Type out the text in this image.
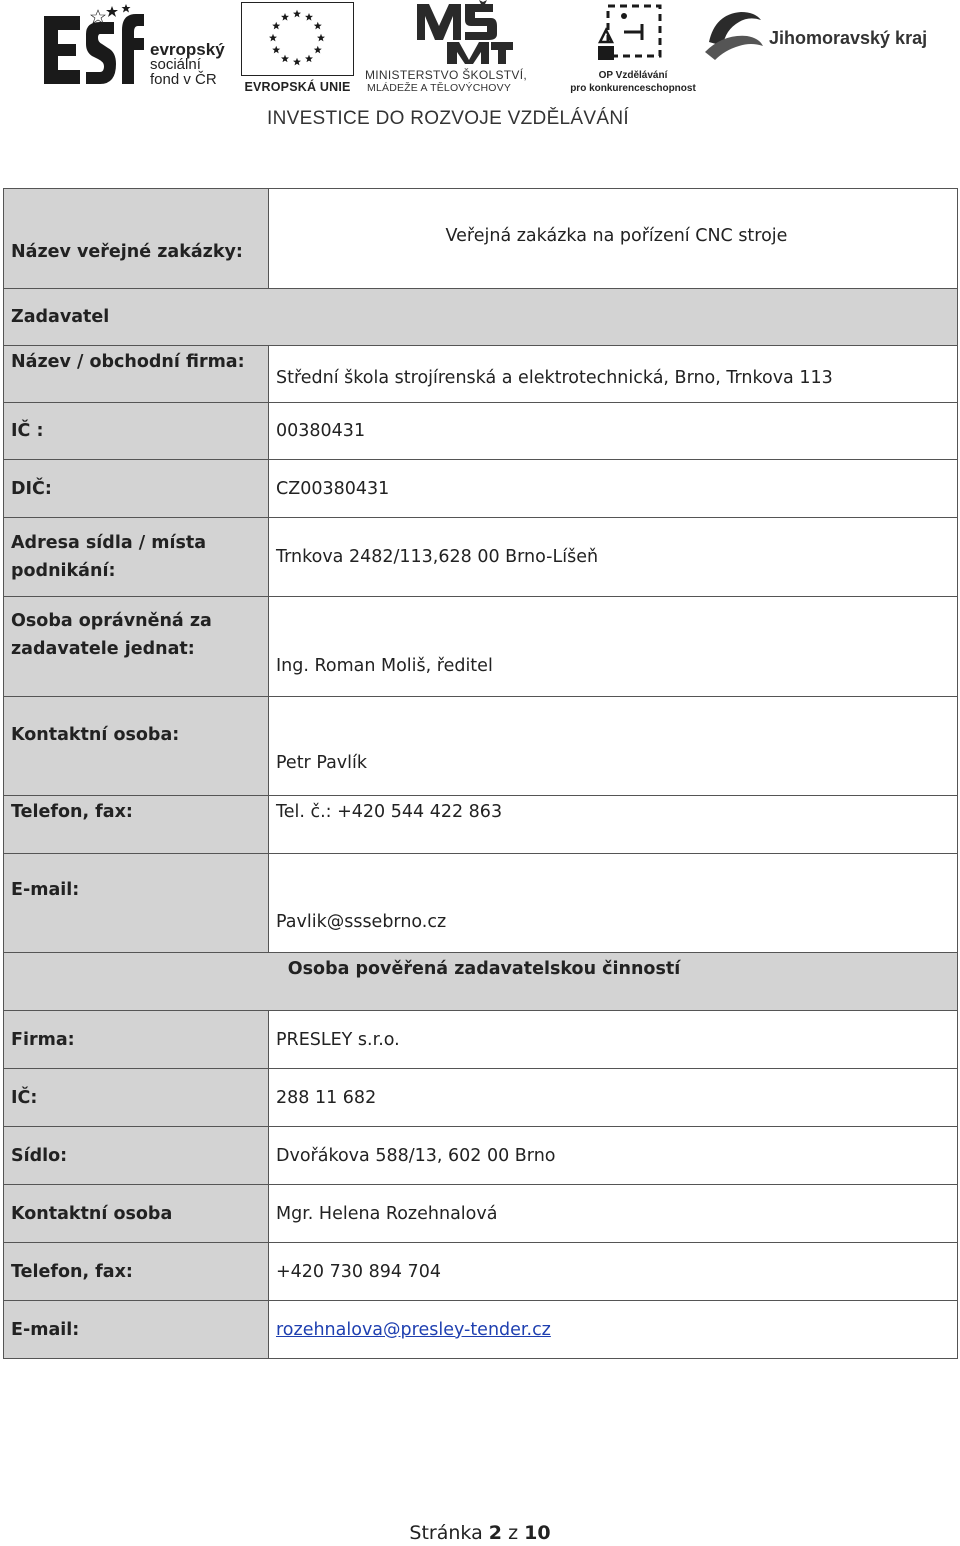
evropský
sociální
fond v ČR	EVROPSKÁ UNIE
MINISTERSTVO ŠKOLSTVÍ,
MLÁDEŽE A TĚLOVÝCHOVY
OP Vzdělávání
pro konkurenceschopnost
Jihomoravský kraj
INVESTICE DO ROZVOJE VZDĚLÁVÁNÍ
Název veřejné zakázky:	Veřejná zakázka na pořízení CNC stroje
Zadavatel	
Název / obchodní firma:	Střední škola strojírenská a elektrotechnická, Brno, Trnkova 113
IČ :	00380431
DIČ:	CZ00380431

Adresa sídla / místa
podnikání:	Trnkova 2482/113,628 00 Brno-Líšeň

Osoba oprávněná za
zadavatele jednat:	Ing. Roman Moliš, ředitel
Kontaktní osoba:	Petr Pavlík
Telefon, fax:	Tel. č.: +420 544 422 863
E-mail:	Pavlik@sssebrno.cz
Osoba pověřená zadavatelskou činností	
Firma:	PRESLEY s.r.o.
IČ:	288 11 682
Sídlo:	Dvořákova 588/13, 602 00 Brno
Kontaktní osoba	Mgr. Helena Rozehnalová
Telefon, fax:	+420 730 894 704
E-mail:	rozehnalova@presley-tender.cz
Stránka 2 z 10
